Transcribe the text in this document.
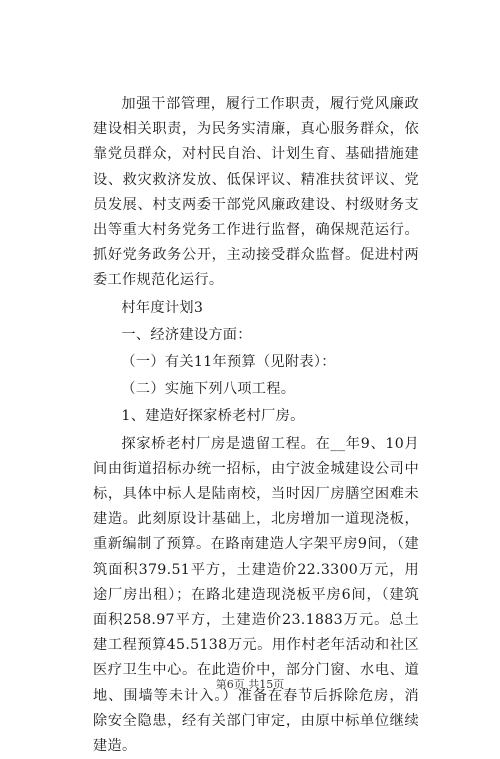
加强干部管理，履行工作职责，履行党风廉政建设相关职责，为民务实清廉，真心服务群众，依靠党员群众，对村民自治、计划生育、基础措施建设、救灾救济发放、低保评议、精准扶贫评议、党员发展、村支两委干部党风廉政建设、村级财务支出等重大村务党务工作进行监督，确保规范运行。抓好党务政务公开，主动接受群众监督。促进村两委工作规范化运行。

村年度计划3

一、经济建设方面：

（一）有关11年预算（见附表）：

（二）实施下列八项工程。

1、建造好探家桥老村厂房。

探家桥老村厂房是遗留工程。在__年9、10月间由街道招标办统一招标，由宁波金城建设公司中标，具体中标人是陆南校，当时因厂房膳空困难未建造。此刻原设计基础上，北房增加一道现浇板，重新编制了预算。在路南建造人字架平房9间，（建筑面积379.51平方，土建造价22.3300万元，用途厂房出租）；在路北建造现浇板平房6间，（建筑面积258.97平方，土建造价23.1883万元。总土建工程预算45.5138万元。用作村老年活动和社区医疗卫生中心。在此造价中，部分门窗、水电、道地、围墙等未计入。）准备在春节后拆除危房，消除安全隐患，经有关部门审定，由原中标单位继续建造。

第6页 共15页
